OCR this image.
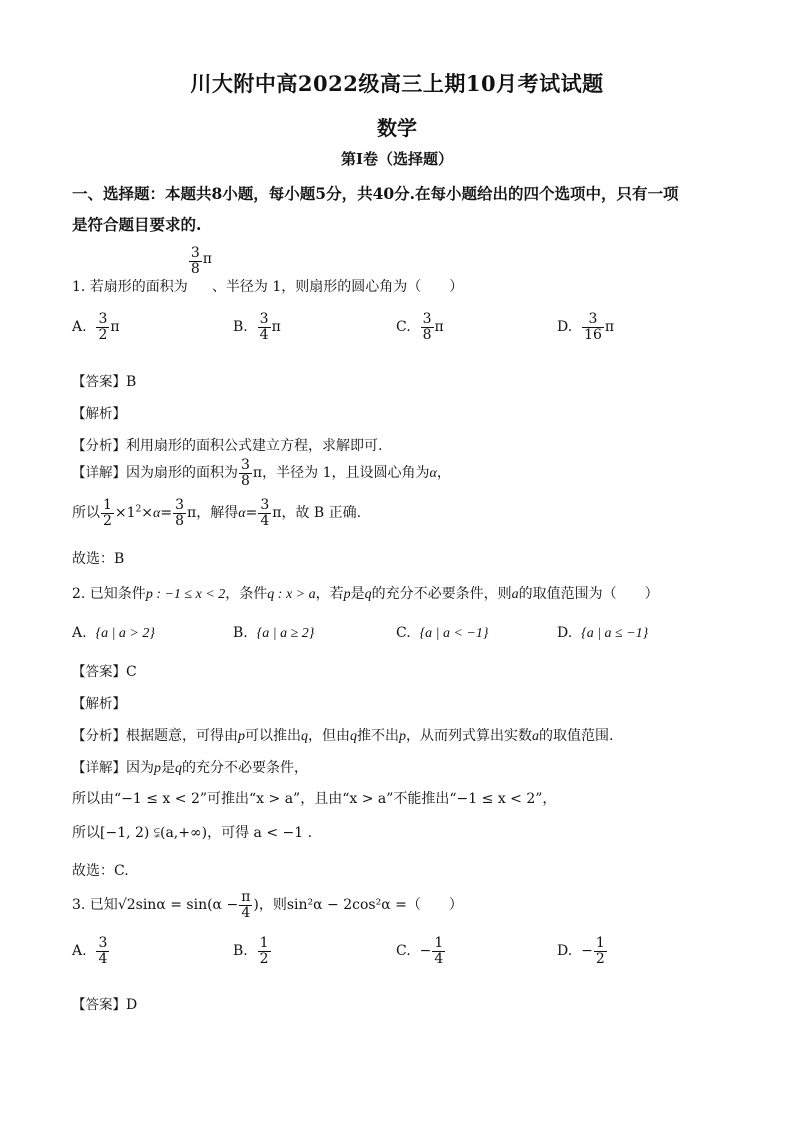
川大附中高2022级高三上期10月考试试题
数学
第Ⅰ卷（选择题）
一、选择题：本题共8小题，每小题5分，共40分.在每小题给出的四个选项中，只有一项
是符合题目要求的.
1. 若扇形的面积为
$\frac{3}{8}$ π、半径为 1，则扇形的圆心角为（　　）
A. $\frac{3}{2}$ π	B. $\frac{3}{4}$ π	C. $\frac{3}{8}$ π	D. $\frac{3}{16}$ π
【答案】B
【解析】
【分析】利用扇形的面积公式建立方程，求解即可.
【详解】因为扇形的面积为 $\frac{3}{8}$ π，半径为 1，且设圆心角为α，
所以 $\frac{1}{2} \times 1^2\times\alpha= \frac{3}{8}$ π，解得$\alpha= \frac{3}{4}$ π，故 B 正确.
故选：B
2. 已知条件p : −1 ≤ x < 2，条件q : x > a，若p是q的充分不必要条件，则a的取值范围为（　　）
A. {a | a > 2}	B. {a | a ≥ 2}	C. {a | a < −1}	D. {a | a ≤ −1}
【答案】C
【解析】
【分析】根据题意，可得由p可以推出q，但由q推不出p，从而列式算出实数a的取值范围.
【详解】因为p是q的充分不必要条件，
所以由“−1 ≤ x < 2”可推出“x > a”，且由“x > a”不能推出“−1 ≤ x < 2”，
所以[−1, 2) ⫋(a,+∞)，可得 a < −1 .
故选：C.
3. 已知$√2\sin\alpha = \sin(\alpha - \frac{\pi}{4}$ )，则sin²α − 2cos²α =（　　）
A. $\frac{3}{4}$	B. $\frac{1}{2}$	C. − $\frac{1}{4}$	D. − $\frac{1}{2}$
【答案】D
